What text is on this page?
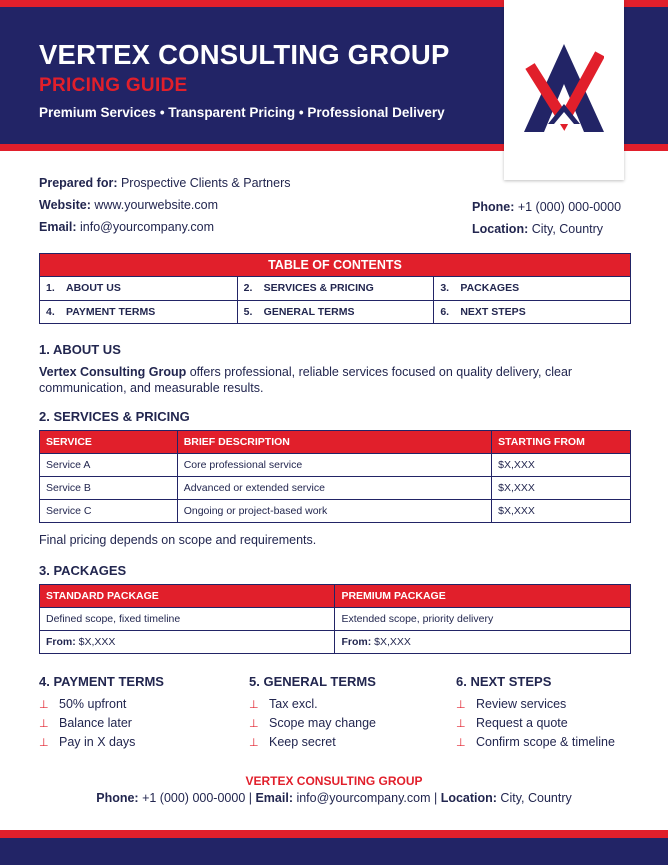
VERTEX CONSULTING GROUP
PRICING GUIDE
Premium Services • Transparent Pricing • Professional Delivery
Prepared for: Prospective Clients & Partners
Website: www.yourwebsite.com
Email: info@yourcompany.com
Phone: +1 (000) 000-0000
Location: City, Country
TABLE OF CONTENTS
1. ABOUT US	2. SERVICES & PRICING	3. PACKAGES
4. PAYMENT TERMS	5. GENERAL TERMS	6. NEXT STEPS
1. ABOUT US
Vertex Consulting Group offers professional, reliable services focused on quality delivery, clear communication, and measurable results.
2. SERVICES & PRICING
SERVICE	BRIEF DESCRIPTION	STARTING FROM
Service A	Core professional service	$X,XXX
Service B	Advanced or extended service	$X,XXX
Service C	Ongoing or project-based work	$X,XXX
Final pricing depends on scope and requirements.
3. PACKAGES
STANDARD PACKAGE	PREMIUM PACKAGE
Defined scope, fixed timeline	Extended scope, priority delivery
From: $X,XXX	From: $X,XXX
4. PAYMENT TERMS
⊥ 50% upfront
⊥ Balance later
⊥ Pay in X days
5. GENERAL TERMS
⊥ Tax excl.
⊥ Scope may change
⊥ Keep secret
6. NEXT STEPS
⊥ Review services
⊥ Request a quote
⊥ Confirm scope & timeline
VERTEX CONSULTING GROUP
Phone: +1 (000) 000-0000 | Email: info@yourcompany.com | Location: City, Country
